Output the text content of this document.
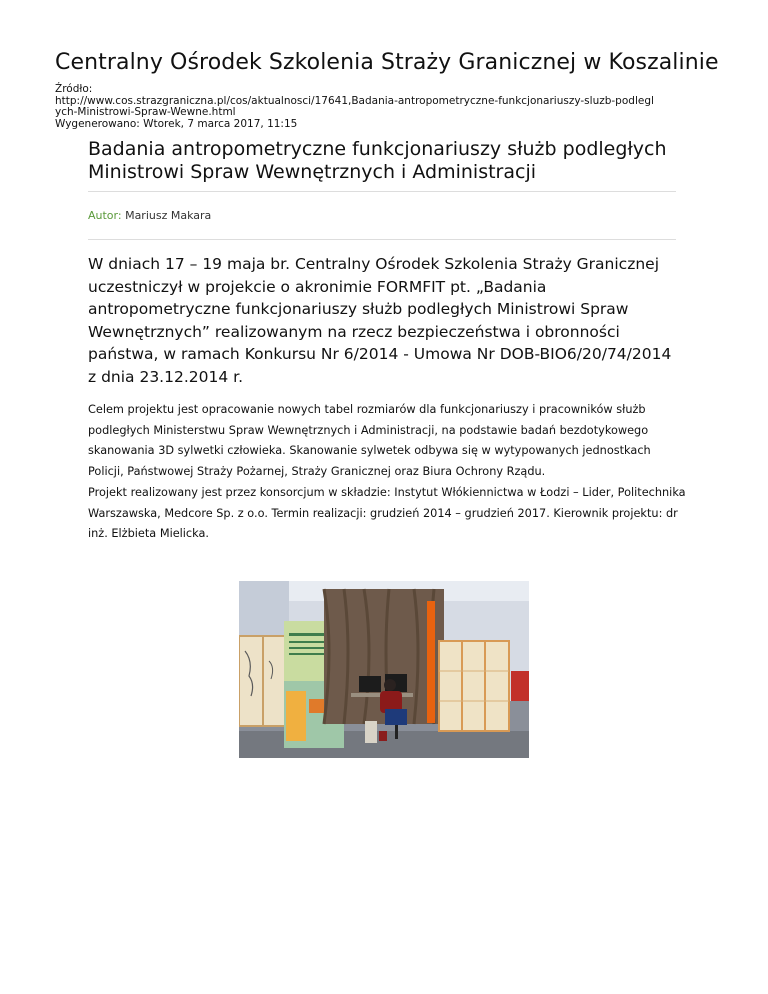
Centralny Ośrodek Szkolenia Straży Granicznej w Koszalinie
Źródło:
http://www.cos.strazgraniczna.pl/cos/aktualnosci/17641,Badania-antropometryczne-funkcjonariuszy-sluzb-podlegl
ych-Ministrowi-Spraw-Wewne.html
Wygenerowano: Wtorek, 7 marca 2017, 11:15
Badania antropometryczne funkcjonariuszy służb podległych Ministrowi Spraw Wewnętrznych i Administracji
Autor: Mariusz Makara

W dniach 17 – 19 maja br. Centralny Ośrodek Szkolenia Straży Granicznej uczestniczył w projekcie o akronimie FORMFIT pt. „Badania antropometryczne funkcjonariuszy służb podległych Ministrowi Spraw Wewnętrznych” realizowanym na rzecz bezpieczeństwa i obronności państwa, w ramach Konkursu Nr 6/2014 - Umowa Nr DOB-BIO6/20/74/2014 z dnia 23.12.2014 r.

Celem projektu jest opracowanie nowych tabel rozmiarów dla funkcjonariuszy i pracowników służb podległych Ministerstwu Spraw Wewnętrznych i Administracji, na podstawie badań bezdotykowego skanowania 3D sylwetki człowieka. Skanowanie sylwetek odbywa się w wytypowanych jednostkach Policji, Państwowej Straży Pożarnej, Straży Granicznej oraz Biura Ochrony Rządu.
Projekt realizowany jest przez konsorcjum w składzie: Instytut Włókiennictwa w Łodzi – Lider, Politechnika Warszawska, Medcore Sp. z o.o. Termin realizacji: grudzień 2014 – grudzień 2017. Kierownik projektu: dr inż. Elżbieta Mielicka.
